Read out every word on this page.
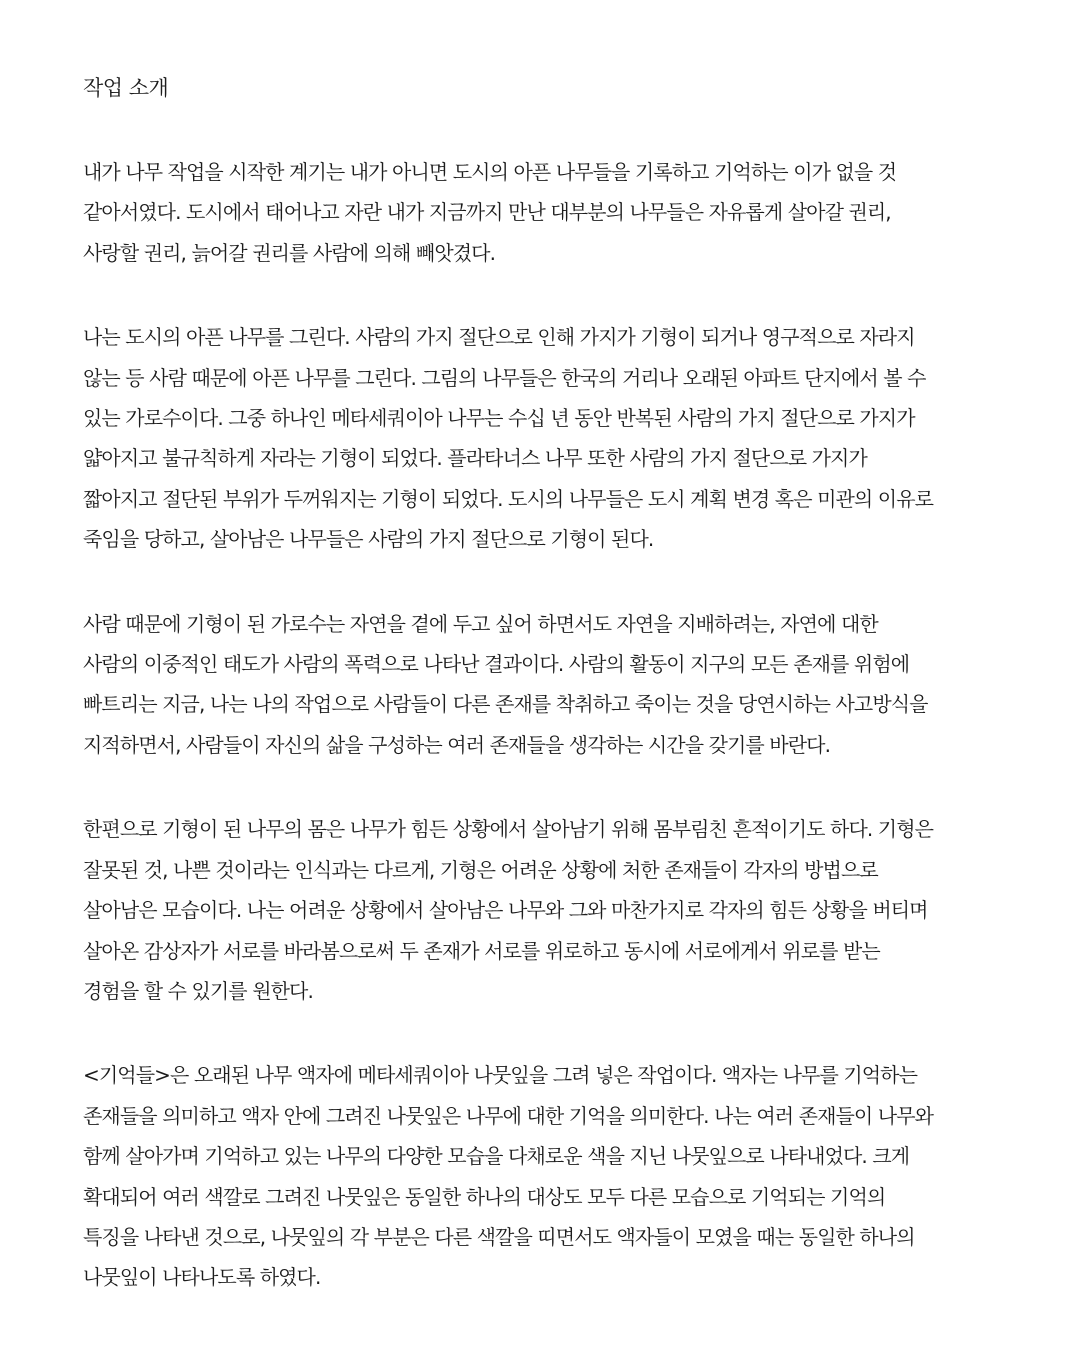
작업 소개
내가 나무 작업을 시작한 계기는 내가 아니면 도시의 아픈 나무들을 기록하고 기억하는 이가 없을 것
같아서였다. 도시에서 태어나고 자란 내가 지금까지 만난 대부분의 나무들은 자유롭게 살아갈 권리,
사랑할 권리, 늙어갈 권리를 사람에 의해 빼앗겼다.
나는 도시의 아픈 나무를 그린다. 사람의 가지 절단으로 인해 가지가 기형이 되거나 영구적으로 자라지
않는 등 사람 때문에 아픈 나무를 그린다. 그림의 나무들은 한국의 거리나 오래된 아파트 단지에서 볼 수
있는 가로수이다. 그중 하나인 메타세쿼이아 나무는 수십 년 동안 반복된 사람의 가지 절단으로 가지가
얇아지고 불규칙하게 자라는 기형이 되었다. 플라타너스 나무 또한 사람의 가지 절단으로 가지가
짧아지고 절단된 부위가 두꺼워지는 기형이 되었다. 도시의 나무들은 도시 계획 변경 혹은 미관의 이유로
죽임을 당하고, 살아남은 나무들은 사람의 가지 절단으로 기형이 된다.
사람 때문에 기형이 된 가로수는 자연을 곁에 두고 싶어 하면서도 자연을 지배하려는, 자연에 대한
사람의 이중적인 태도가 사람의 폭력으로 나타난 결과이다. 사람의 활동이 지구의 모든 존재를 위험에
빠트리는 지금, 나는 나의 작업으로 사람들이 다른 존재를 착취하고 죽이는 것을 당연시하는 사고방식을
지적하면서, 사람들이 자신의 삶을 구성하는 여러 존재들을 생각하는 시간을 갖기를 바란다.
한편으로 기형이 된 나무의 몸은 나무가 힘든 상황에서 살아남기 위해 몸부림친 흔적이기도 하다. 기형은
잘못된 것, 나쁜 것이라는 인식과는 다르게, 기형은 어려운 상황에 처한 존재들이 각자의 방법으로
살아남은 모습이다. 나는 어려운 상황에서 살아남은 나무와 그와 마찬가지로 각자의 힘든 상황을 버티며
살아온 감상자가 서로를 바라봄으로써 두 존재가 서로를 위로하고 동시에 서로에게서 위로를 받는
경험을 할 수 있기를 원한다.
<기억들>은 오래된 나무 액자에 메타세쿼이아 나뭇잎을 그려 넣은 작업이다. 액자는 나무를 기억하는
존재들을 의미하고 액자 안에 그려진 나뭇잎은 나무에 대한 기억을 의미한다. 나는 여러 존재들이 나무와
함께 살아가며 기억하고 있는 나무의 다양한 모습을 다채로운 색을 지닌 나뭇잎으로 나타내었다. 크게
확대되어 여러 색깔로 그려진 나뭇잎은 동일한 하나의 대상도 모두 다른 모습으로 기억되는 기억의
특징을 나타낸 것으로, 나뭇잎의 각 부분은 다른 색깔을 띠면서도 액자들이 모였을 때는 동일한 하나의
나뭇잎이 나타나도록 하였다.
